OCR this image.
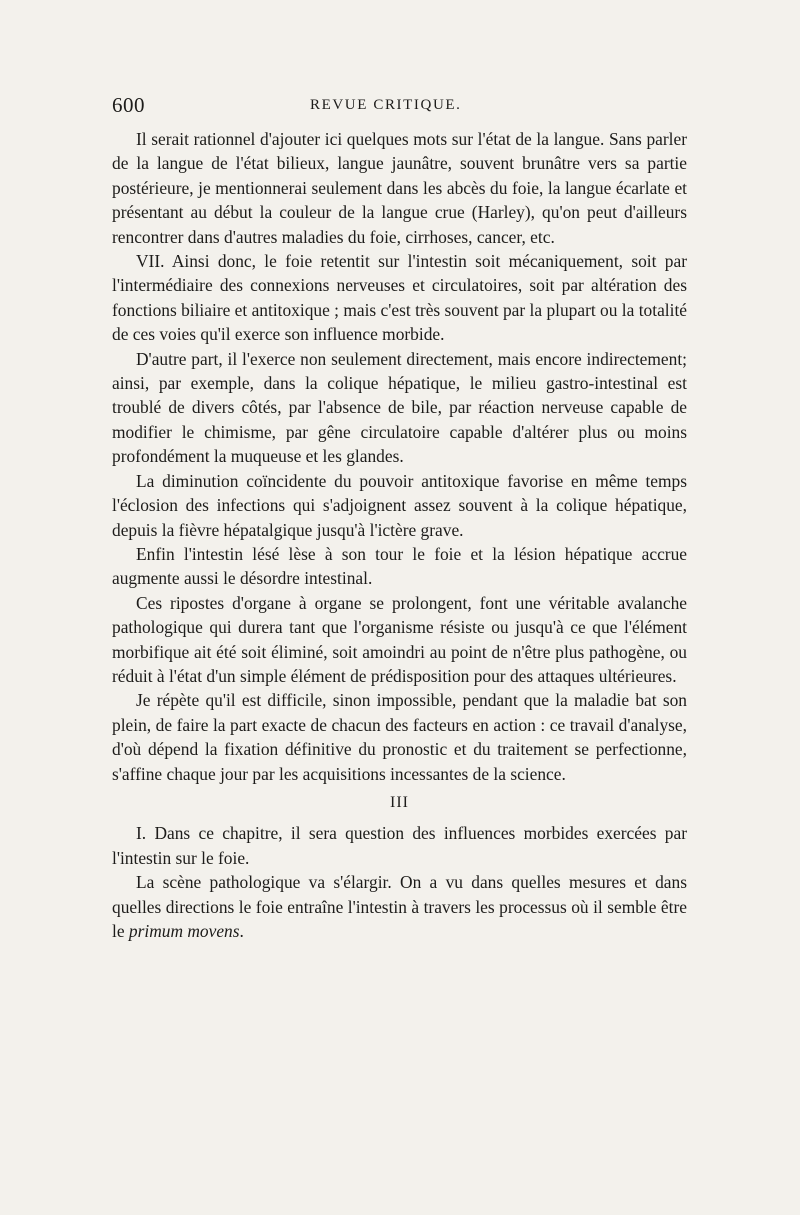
600	REVUE CRITIQUE.

Il serait rationnel d'ajouter ici quelques mots sur l'état de la langue. Sans parler de la langue de l'état bilieux, langue jaunâtre, souvent brunâtre vers sa partie postérieure, je mentionnerai seulement dans les abcès du foie, la langue écarlate et présentant au début la couleur de la langue crue (Harley), qu'on peut d'ailleurs rencontrer dans d'autres maladies du foie, cirrhoses, cancer, etc.

VII. Ainsi donc, le foie retentit sur l'intestin soit mécaniquement, soit par l'intermédiaire des connexions nerveuses et circulatoires, soit par altération des fonctions biliaire et antitoxique ; mais c'est très souvent par la plupart ou la totalité de ces voies qu'il exerce son influence morbide.

D'autre part, il l'exerce non seulement directement, mais encore indirectement; ainsi, par exemple, dans la colique hépatique, le milieu gastro-intestinal est troublé de divers côtés, par l'absence de bile, par réaction nerveuse capable de modifier le chimisme, par gêne circulatoire capable d'altérer plus ou moins profondément la muqueuse et les glandes.

La diminution coïncidente du pouvoir antitoxique favorise en même temps l'éclosion des infections qui s'adjoignent assez souvent à la colique hépatique, depuis la fièvre hépatalgique jusqu'à l'ictère grave.

Enfin l'intestin lésé lèse à son tour le foie et la lésion hépatique accrue augmente aussi le désordre intestinal.

Ces ripostes d'organe à organe se prolongent, font une véritable avalanche pathologique qui durera tant que l'organisme résiste ou jusqu'à ce que l'élément morbifique ait été soit éliminé, soit amoindri au point de n'être plus pathogène, ou réduit à l'état d'un simple élément de prédisposition pour des attaques ultérieures.

Je répète qu'il est difficile, sinon impossible, pendant que la maladie bat son plein, de faire la part exacte de chacun des facteurs en action : ce travail d'analyse, d'où dépend la fixation définitive du pronostic et du traitement se perfectionne, s'affine chaque jour par les acquisitions incessantes de la science.

III

I. Dans ce chapitre, il sera question des influences morbides exercées par l'intestin sur le foie.

La scène pathologique va s'élargir. On a vu dans quelles mesures et dans quelles directions le foie entraîne l'intestin à travers les processus où il semble être le primum movens.
